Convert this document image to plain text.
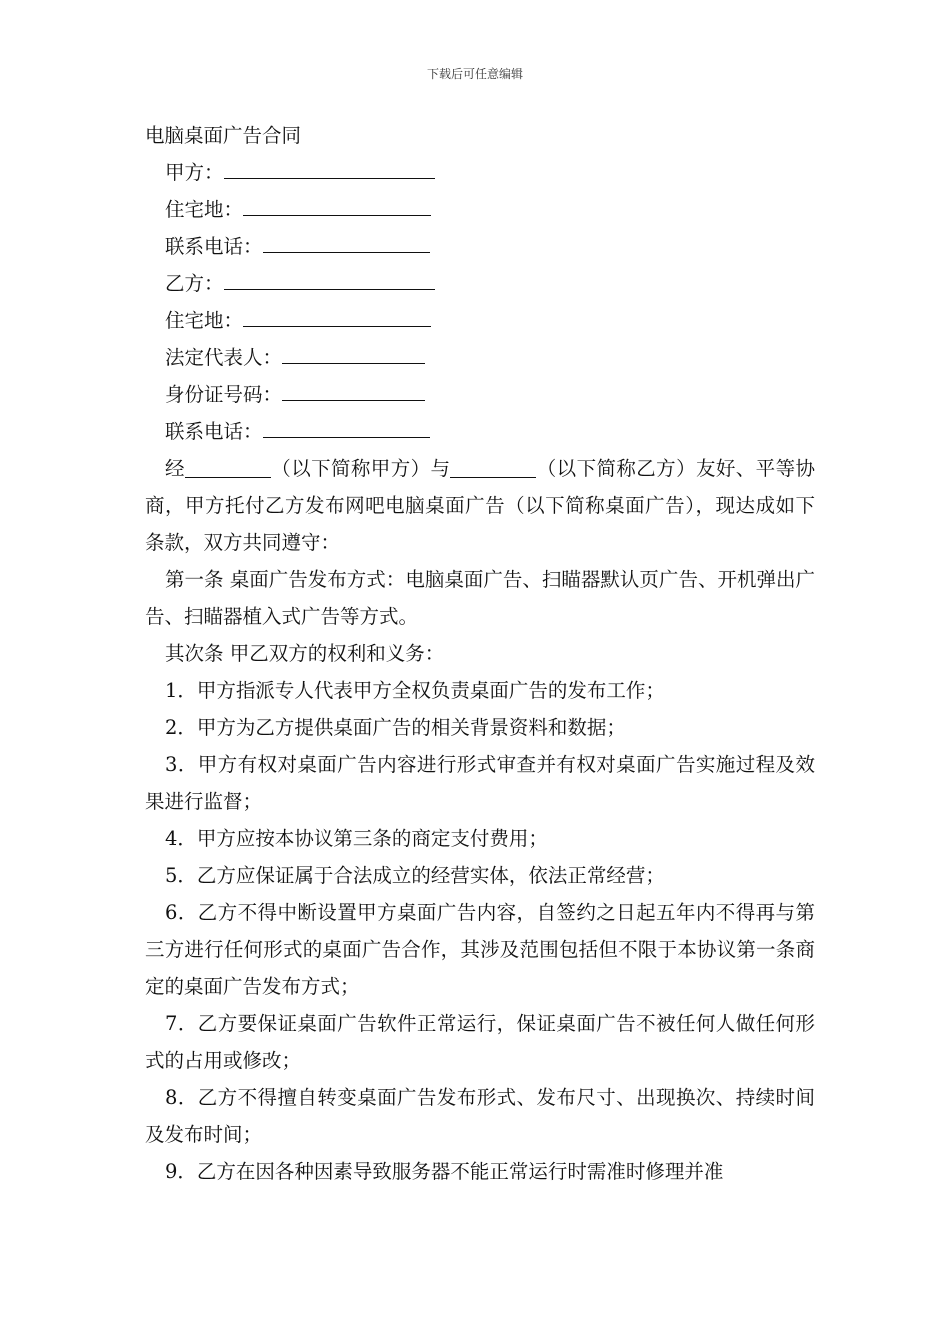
下载后可任意编辑
电脑桌面广告合同
甲方：
住宅地：
联系电话：
乙方：
住宅地：
法定代表人：
身份证号码：
联系电话：
经	（以下简称甲方）与	（以下简称乙方）友好、平等协商，甲方托付乙方发布网吧电脑桌面广告（以下简称桌面广告），现达成如下条款，双方共同遵守：
第一条 桌面广告发布方式：电脑桌面广告、扫瞄器默认页广告、开机弹出广告、扫瞄器植入式广告等方式。
其次条 甲乙双方的权利和义务：
1．甲方指派专人代表甲方全权负责桌面广告的发布工作；
2．甲方为乙方提供桌面广告的相关背景资料和数据；
3．甲方有权对桌面广告内容进行形式审查并有权对桌面广告实施过程及效果进行监督；
4．甲方应按本协议第三条的商定支付费用；
5．乙方应保证属于合法成立的经营实体，依法正常经营；
6．乙方不得中断设置甲方桌面广告内容，自签约之日起五年内不得再与第三方进行任何形式的桌面广告合作，其涉及范围包括但不限于本协议第一条商定的桌面广告发布方式；
7．乙方要保证桌面广告软件正常运行，保证桌面广告不被任何人做任何形式的占用或修改；
8．乙方不得擅自转变桌面广告发布形式、发布尺寸、出现换次、持续时间及发布时间；
9．乙方在因各种因素导致服务器不能正常运行时需准时修理并准
